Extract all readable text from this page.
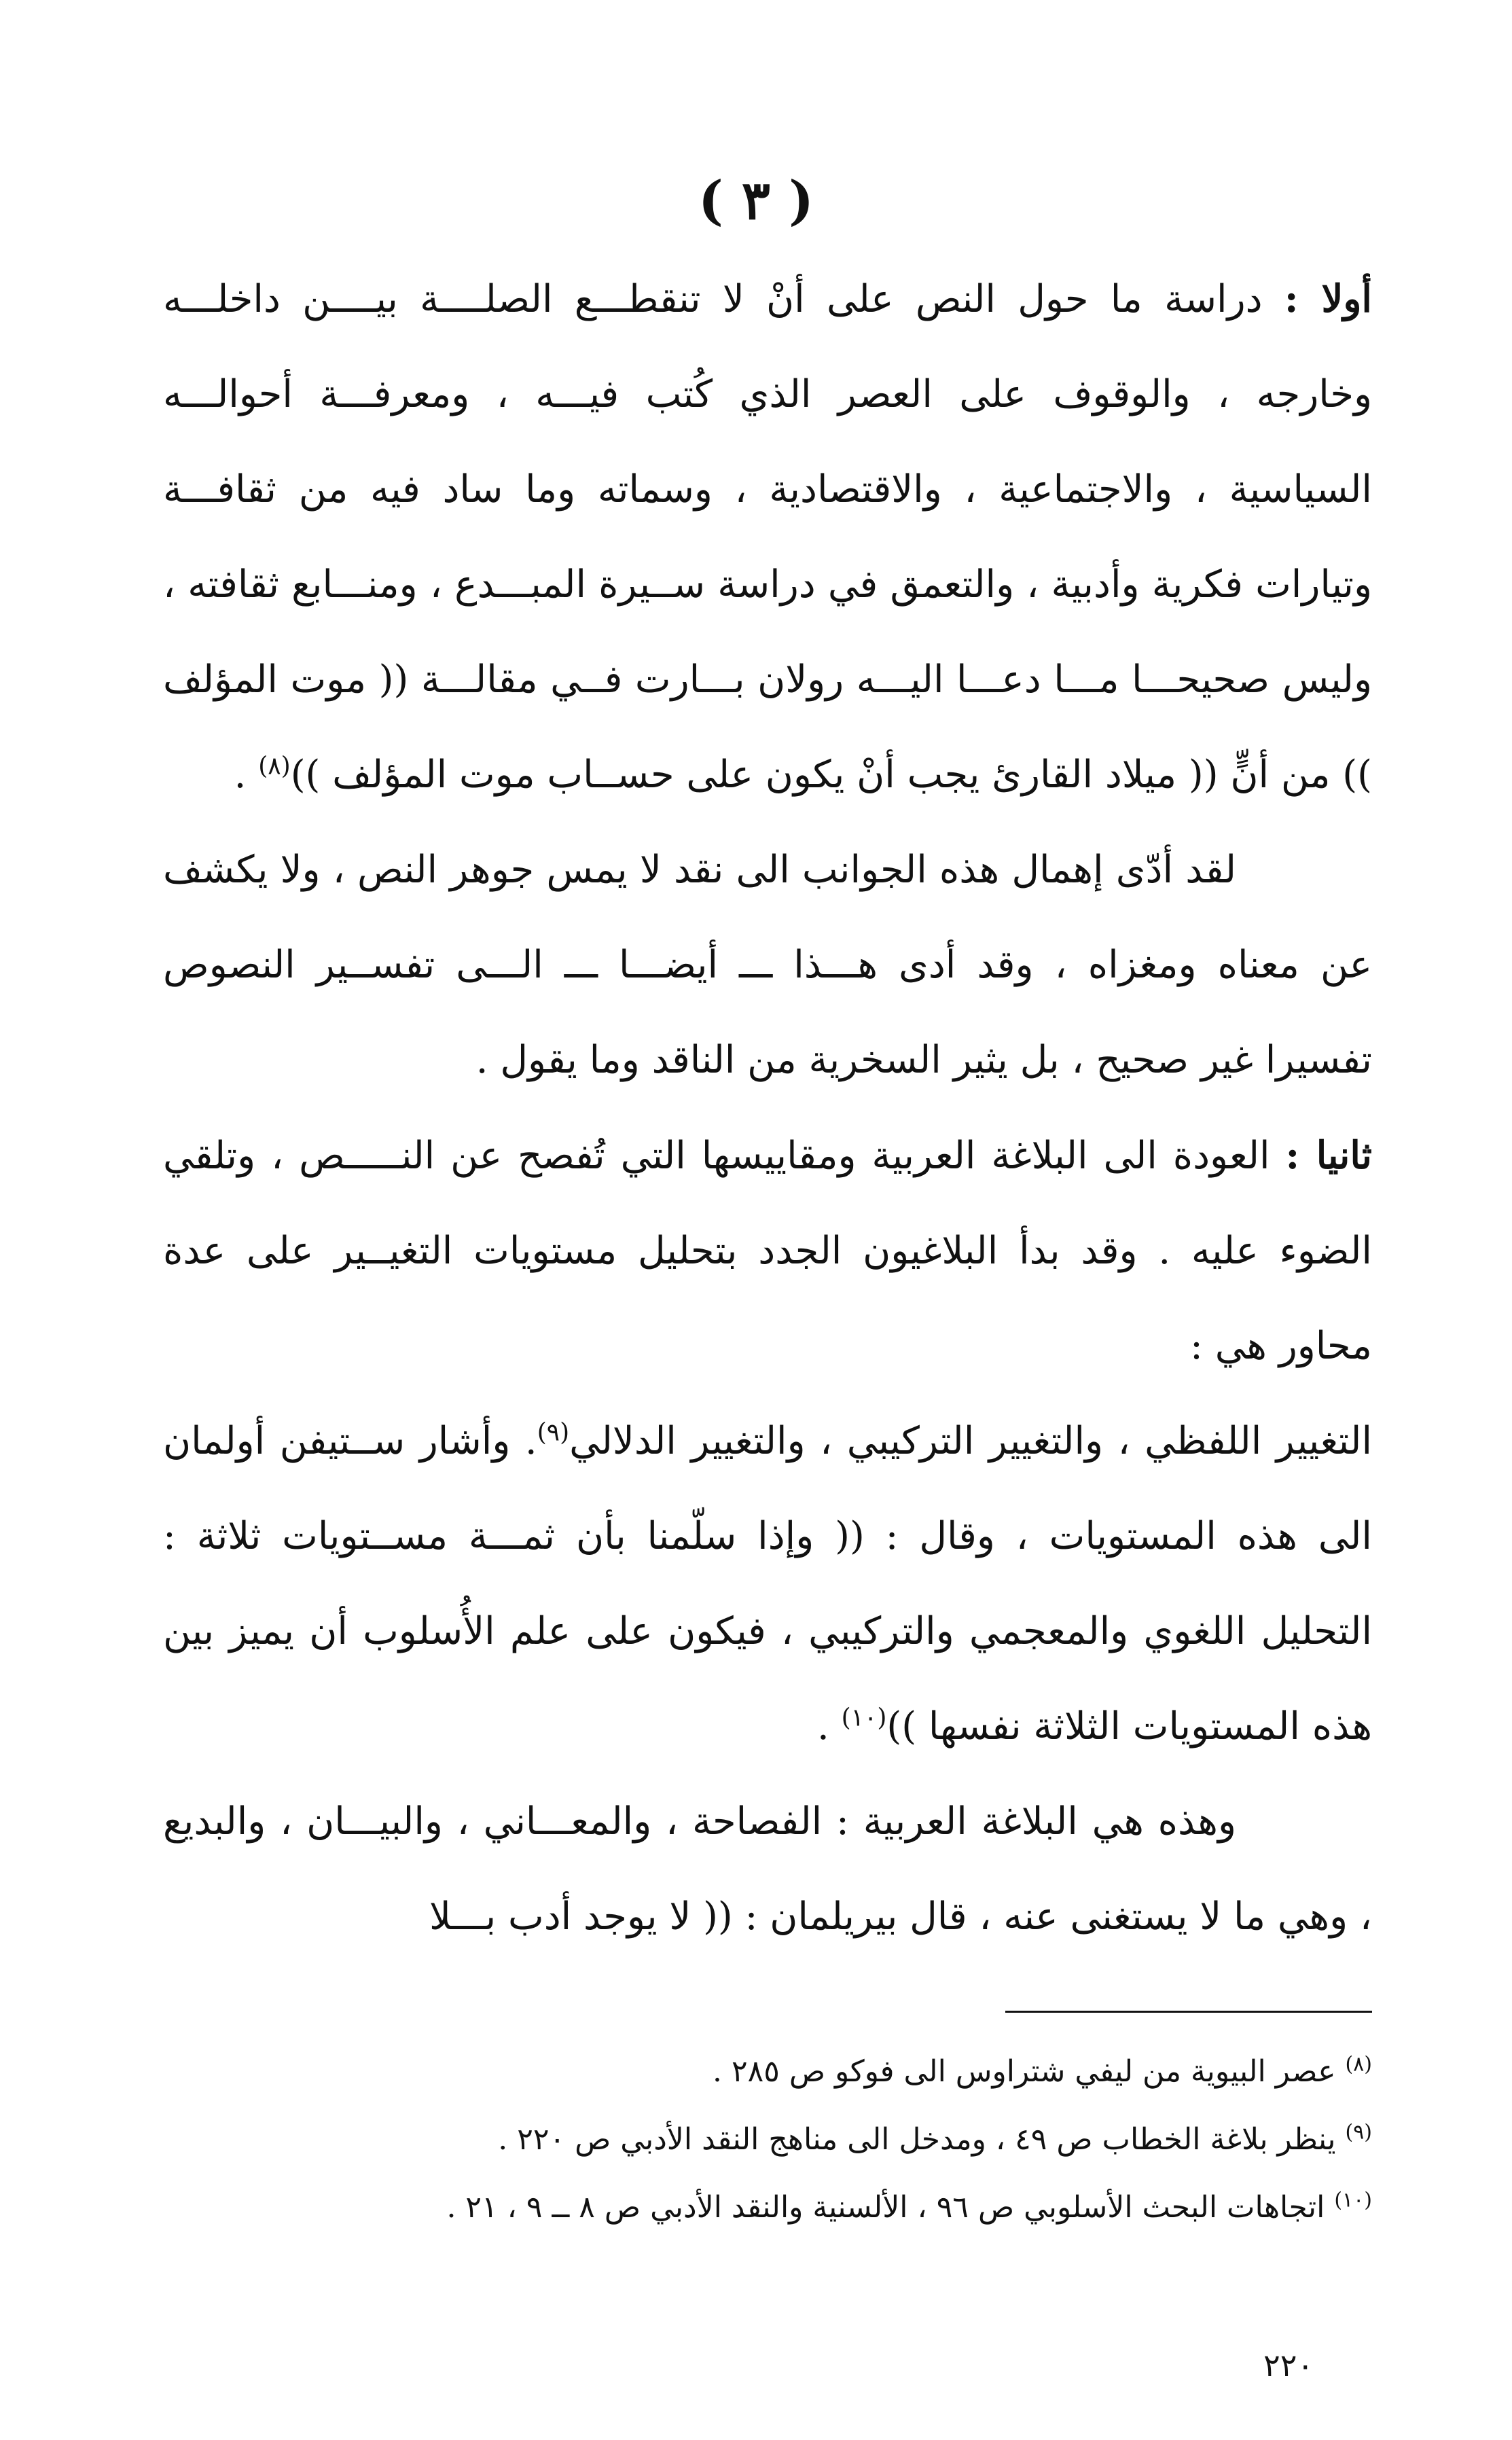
( ٣ )

أولا : دراسة ما حول النص على أنْ لا تنقطـــع الصلــــة بيــــن داخلـــه وخارجه ، والوقوف على العصر الذي كُتب فيـــه ، ومعرفـــة أحوالـــه السياسية ، والاجتماعية ، والاقتصادية ، وسماته وما ساد فيه من ثقافـــة وتيارات فكرية وأدبية ، والتعمق في دراسة ســيرة المبـــدع ، ومنـــابع ثقافته ، وليس صحيحـــا مـــا دعـــا اليـــه رولان بـــارت فــي مقالـــة (( موت المؤلف )) من أنٍّ (( ميلاد القارئ يجب أنْ يكون على حســاب موت المؤلف ))$^{(٨)}$ .

لقد أدّى إهمال هذه الجوانب الى نقد لا يمس جوهر النص ، ولا يكشف عن معناه ومغزاه ، وقد أدى هـــذا ـــ أيضـــا ـــ الـــى تفســير النصوص تفسيرا غير صحيح ، بل يثير السخرية من الناقد وما يقول .

ثانيا : العودة الى البلاغة العربية ومقاييسها التي تُفصح عن النـــــص ، وتلقي الضوء عليه . وقد بدأ البلاغيون الجدد بتحليل مستويات التغيــير على عدة محاور هي :

التغيير اللفظي ، والتغيير التركيبي ، والتغيير الدلالي$^{(٩)}$. وأشار ســتيفن أولمان الى هذه المستويات ، وقال : (( وإذا سلّمنا بأن ثمـــة مســتويات ثلاثة : التحليل اللغوي والمعجمي والتركيبي ، فيكون على علم الأُسلوب أن يميز بين هذه المستويات الثلاثة نفسها ))$^{(١٠)}$ .

وهذه هي البلاغة العربية : الفصاحة ، والمعـــاني ، والبيـــان ، والبديع ، وهي ما لا يستغنى عنه ، قال بيريلمان : (( لا يوجد أدب بـــلا

$^{(٨)}$ عصر البيوية من ليفي شتراوس الى فوكو ص ٢٨٥ .

$^{(٩)}$ ينظر بلاغة الخطاب ص ٤٩ ، ومدخل الى مناهج النقد الأدبي ص ٢٢٠ .

$^{(١٠)}$ اتجاهات البحث الأسلوبي ص ٩٦ ، الألسنية والنقد الأدبي ص ٨ ــ ٩ ، ٢١ .

٢٢٠
